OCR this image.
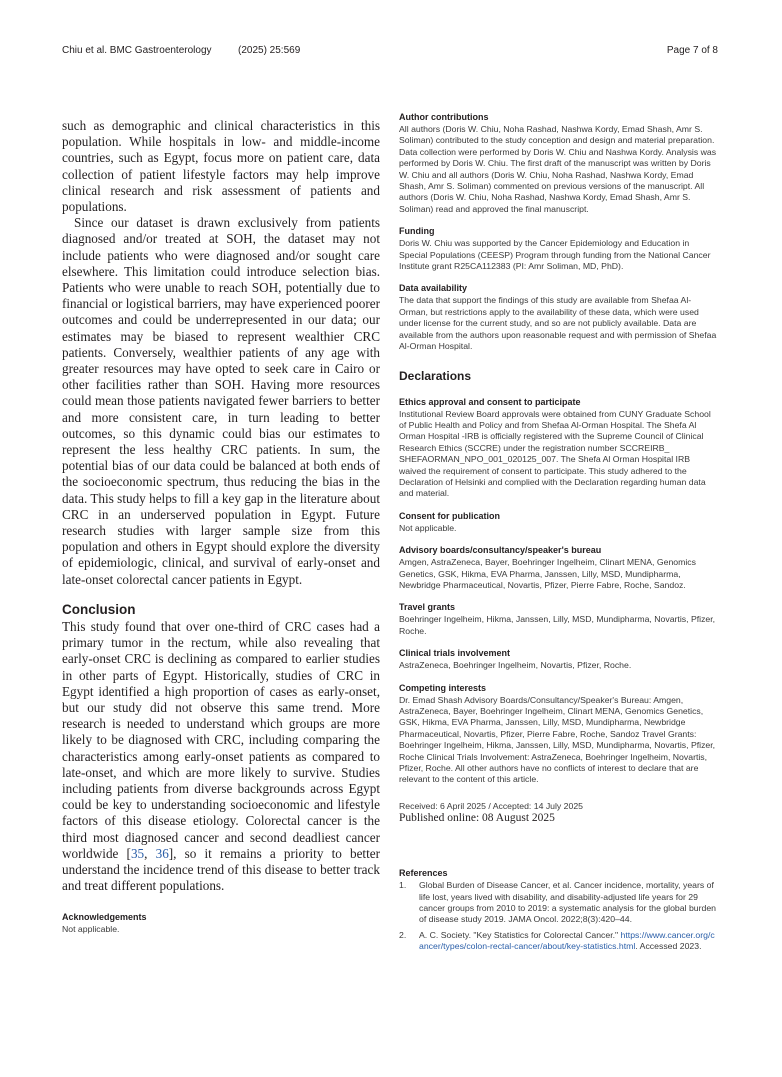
Chiu et al. BMC Gastroenterology	(2025) 25:569	Page 7 of 8

such as demographic and clinical characteristics in this population. While hospitals in low- and middle-income countries, such as Egypt, focus more on patient care, data collection of patient lifestyle factors may help improve clinical research and risk assessment of patients and populations.

Since our dataset is drawn exclusively from patients diagnosed and/or treated at SOH, the dataset may not include patients who were diagnosed and/or sought care elsewhere. This limitation could introduce selection bias. Patients who were unable to reach SOH, potentially due to financial or logistical barriers, may have experienced poorer outcomes and could be underrepresented in our data; our estimates may be biased to represent wealthier CRC patients. Conversely, wealthier patients of any age with greater resources may have opted to seek care in Cairo or other facilities rather than SOH. Having more resources could mean those patients navigated fewer barriers to better and more consistent care, in turn leading to better outcomes, so this dynamic could bias our estimates to represent the less healthy CRC patients. In sum, the potential bias of our data could be balanced at both ends of the socioeconomic spectrum, thus reducing the bias in the data. This study helps to fill a key gap in the literature about CRC in an underserved population in Egypt. Future research studies with larger sample size from this population and others in Egypt should explore the diversity of epidemiologic, clinical, and survival of early-onset and late-onset colorectal cancer patients in Egypt.

Conclusion

This study found that over one-third of CRC cases had a primary tumor in the rectum, while also revealing that early-onset CRC is declining as compared to earlier studies in other parts of Egypt. Historically, studies of CRC in Egypt identified a high proportion of cases as early-onset, but our study did not observe this same trend. More research is needed to understand which groups are more likely to be diagnosed with CRC, including comparing the characteristics among early-onset patients as compared to late-onset, and which are more likely to survive. Studies including patients from diverse backgrounds across Egypt could be key to understanding socioeconomic and lifestyle factors of this disease etiology. Colorectal cancer is the third most diagnosed cancer and second deadliest cancer worldwide [35, 36], so it remains a priority to better understand the incidence trend of this disease to better track and treat different populations.

Acknowledgements

Not applicable.

Author contributions

All authors (Doris W. Chiu, Noha Rashad, Nashwa Kordy, Emad Shash, Amr S. Soliman) contributed to the study conception and design and material preparation. Data collection were performed by Doris W. Chiu and Nashwa Kordy. Analysis was performed by Doris W. Chiu. The first draft of the manuscript was written by Doris W. Chiu and all authors (Doris W. Chiu, Noha Rashad, Nashwa Kordy, Emad Shash, Amr S. Soliman) commented on previous versions of the manuscript. All authors (Doris W. Chiu, Noha Rashad, Nashwa Kordy, Emad Shash, Amr S. Soliman) read and approved the final manuscript.

Funding

Doris W. Chiu was supported by the Cancer Epidemiology and Education in Special Populations (CEESP) Program through funding from the National Cancer Institute grant R25CA112383 (PI: Amr Soliman, MD, PhD).

Data availability

The data that support the findings of this study are available from Shefaa Al-Orman, but restrictions apply to the availability of these data, which were used under license for the current study, and so are not publicly available. Data are available from the authors upon reasonable request and with permission of Shefaa Al-Orman Hospital.

Declarations
Ethics approval and consent to participate

Institutional Review Board approvals were obtained from CUNY Graduate School of Public Health and Policy and from Shefaa Al-Orman Hospital. The Shefa Al Orman Hospital -IRB is officially registered with the Supreme Council of Clinical Research Ethics (SCCRE) under the registration number SCCREIRB_ SHEFAORMAN_NPO_001_020125_007. The Shefa Al Orman Hospital IRB waived the requirement of consent to participate. This study adhered to the Declaration of Helsinki and complied with the Declaration regarding human data and material.

Consent for publication

Not applicable.

Advisory boards/consultancy/speaker's bureau

Amgen, AstraZeneca, Bayer, Boehringer Ingelheim, Clinart MENA, Genomics Genetics, GSK, Hikma, EVA Pharma, Janssen, Lilly, MSD, Mundipharma, Newbridge Pharmaceutical, Novartis, Pfizer, Pierre Fabre, Roche, Sandoz.

Travel grants

Boehringer Ingelheim, Hikma, Janssen, Lilly, MSD, Mundipharma, Novartis, Pfizer, Roche.

Clinical trials involvement

AstraZeneca, Boehringer Ingelheim, Novartis, Pfizer, Roche.

Competing interests

Dr. Emad Shash Advisory Boards/Consultancy/Speaker's Bureau: Amgen, AstraZeneca, Bayer, Boehringer Ingelheim, Clinart MENA, Genomics Genetics, GSK, Hikma, EVA Pharma, Janssen, Lilly, MSD, Mundipharma, Newbridge Pharmaceutical, Novartis, Pfizer, Pierre Fabre, Roche, Sandoz Travel Grants: Boehringer Ingelheim, Hikma, Janssen, Lilly, MSD, Mundipharma, Novartis, Pfizer, Roche Clinical Trials Involvement: AstraZeneca, Boehringer Ingelheim, Novartis, Pfizer, Roche. All other authors have no conflicts of interest to declare that are relevant to the content of this article.

Received: 6 April 2025 / Accepted: 14 July 2025

Published online: 08 August 2025

References
1.	Global Burden of Disease Cancer, et al. Cancer incidence, mortality, years of life lost, years lived with disability, and disability-adjusted life years for 29 cancer groups from 2010 to 2019: a systematic analysis for the global burden of disease study 2019. JAMA Oncol. 2022;8(3):420–44.
2.	A. C. Society. "Key Statistics for Colorectal Cancer." https://www.cancer.org/cancer/types/colon-rectal-cancer/about/key-statistics.html. Accessed 2023.
